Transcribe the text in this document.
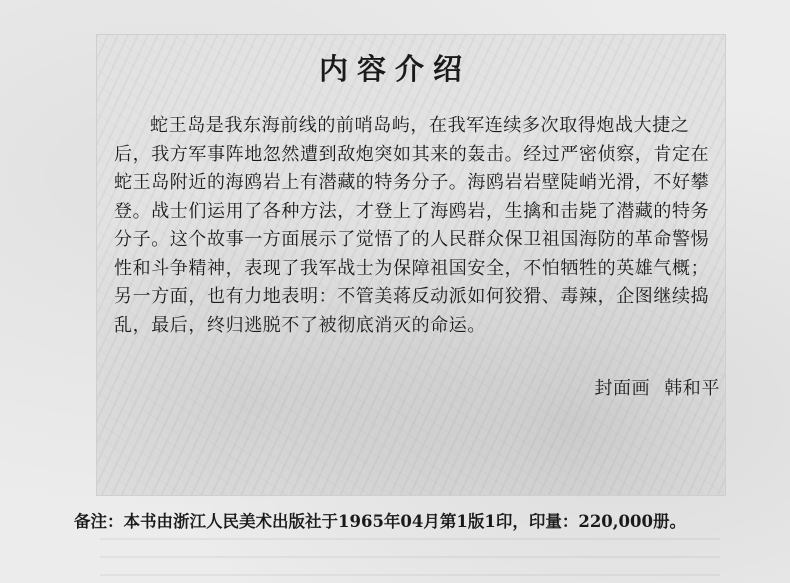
内容介绍

蛇王岛是我东海前线的前哨岛屿，在我军连续多次取得炮战大捷之后，我方军事阵地忽然遭到敌炮突如其来的轰击。经过严密侦察，肯定在蛇王岛附近的海鸥岩上有潜藏的特务分子。海鸥岩岩壁陡峭光滑，不好攀登。战士们运用了各种方法，才登上了海鸥岩，生擒和击毙了潜藏的特务分子。这个故事一方面展示了觉悟了的人民群众保卫祖国海防的革命警惕性和斗争精神，表现了我军战士为保障祖国安全，不怕牺牲的英雄气概；另一方面，也有力地表明：不管美蒋反动派如何狡猾、毒辣，企图继续捣乱，最后，终归逃脱不了被彻底消灭的命运。

封面画 韩和平
备注：本书由浙江人民美术出版社于1965年04月第1版1印，印量：220,000册。
